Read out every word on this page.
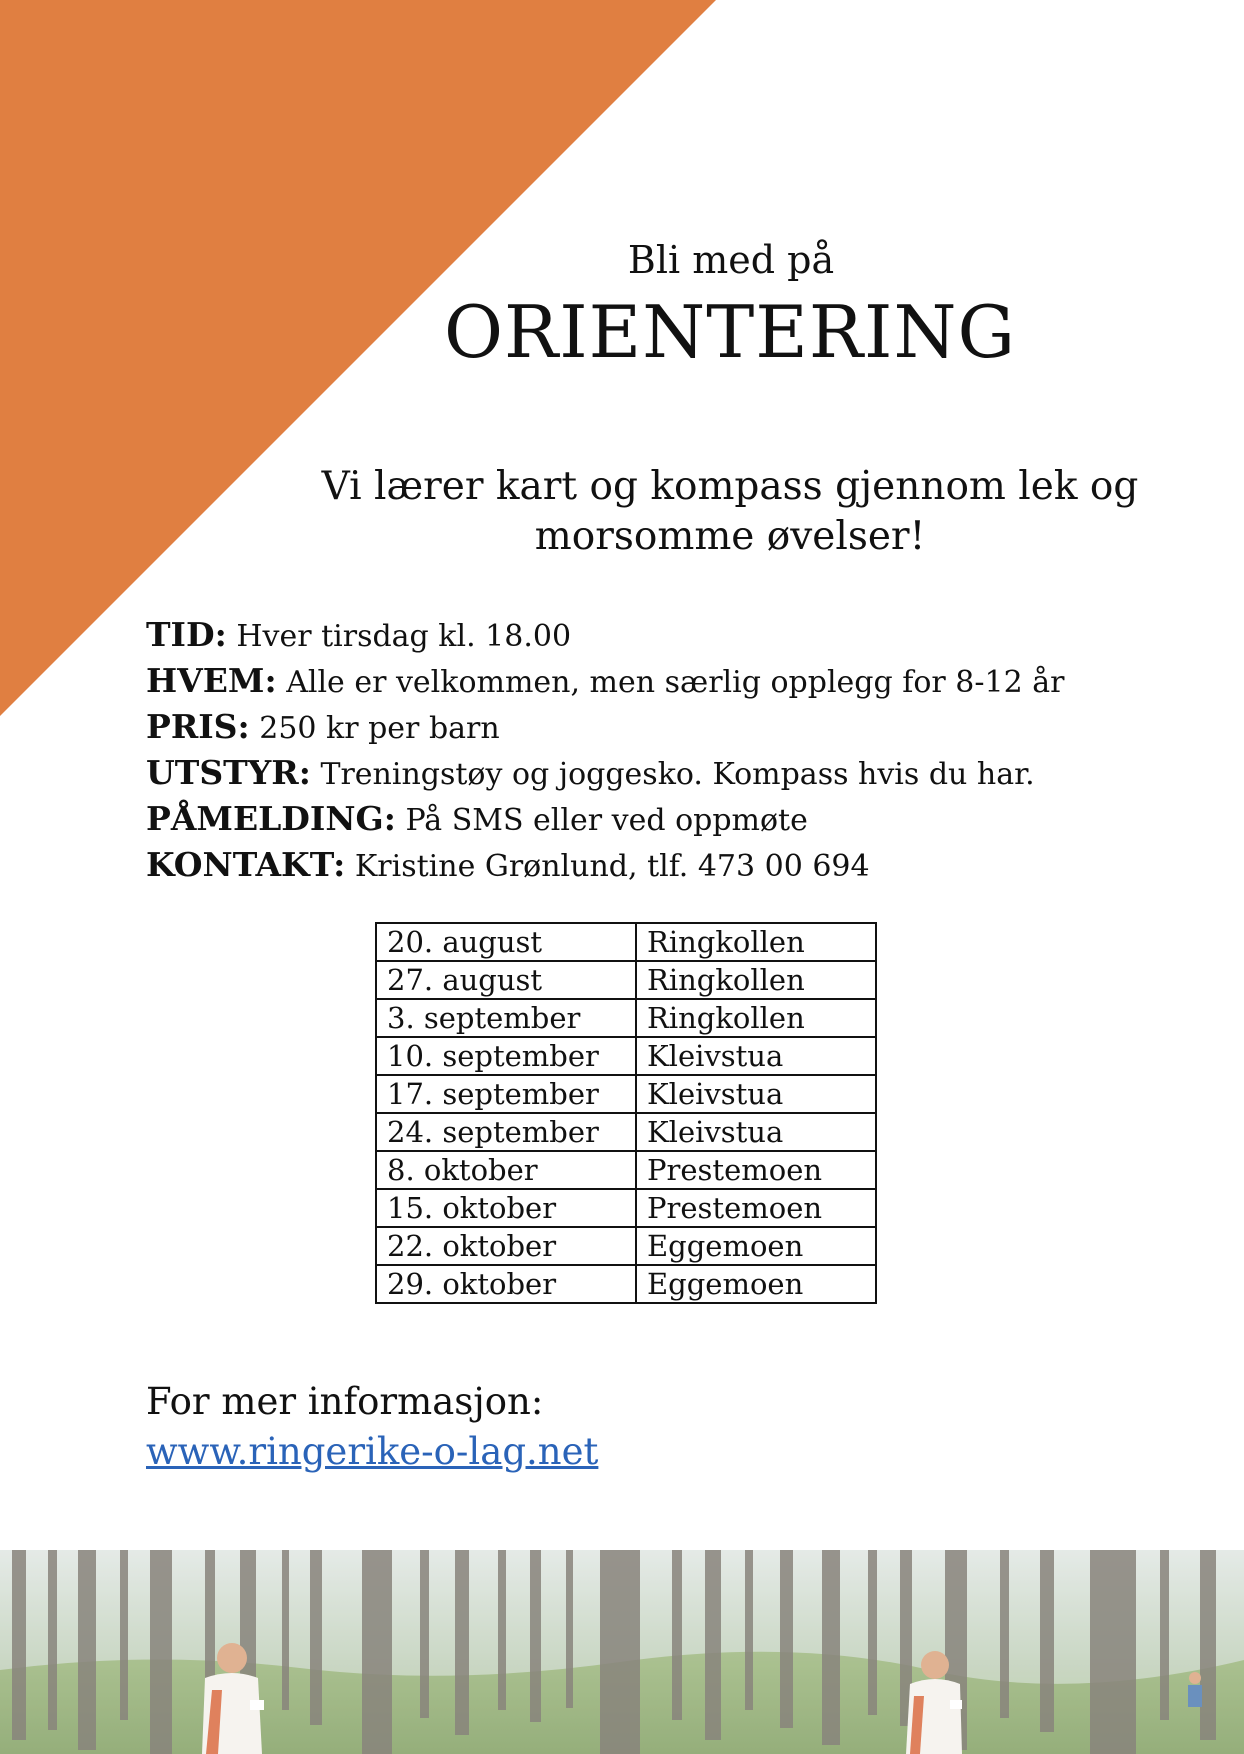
Bli med på
ORIENTERING
Vi lærer kart og kompass gjennom lek og
morsomme øvelser!
TID: Hver tirsdag kl. 18.00
HVEM: Alle er velkommen, men særlig opplegg for 8-12 år
PRIS: 250 kr per barn
UTSTYR: Treningstøy og joggesko. Kompass hvis du har.
PÅMELDING: På SMS eller ved oppmøte
KONTAKT: Kristine Grønlund, tlf. 473 00 694
20. august	Ringkollen
27. august	Ringkollen
3. september	Ringkollen
10. september	Kleivstua
17. september	Kleivstua
24. september	Kleivstua
8. oktober	Prestemoen
15. oktober	Prestemoen
22. oktober	Eggemoen
29. oktober	Eggemoen
For mer informasjon:
www.ringerike-o-lag.net
